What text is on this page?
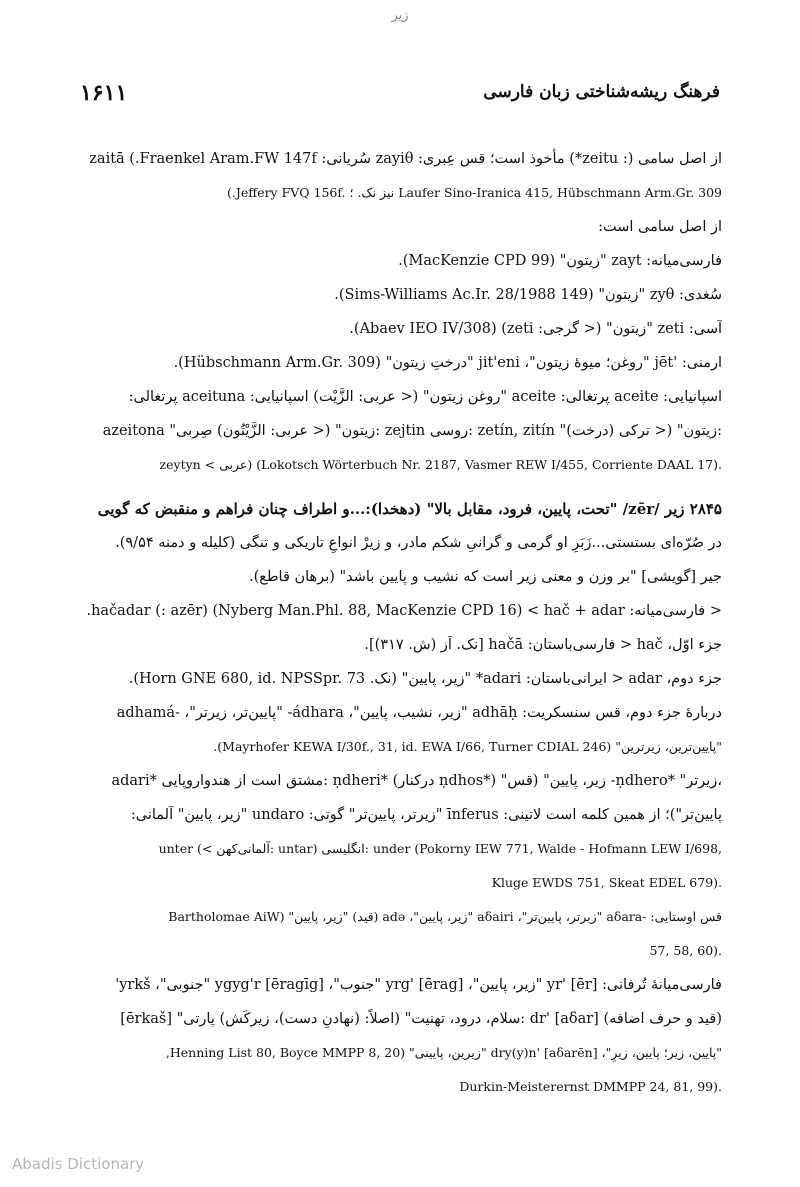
زیر
۱۶۱۱	فرهنگ ریشه‌شناختی زبان فارسی
از اصل سامی (: zeitu*) مأخوذ است؛ قس عِبری: zayiθ سُریانی: zaitā (.Fraenkel Aram.FW 147f
(.Jeffery FVQ 156f. نیز نک. ؛ Laufer Sino-Iranica 415, Hübschmann Arm.Gr. 309
از اصل سامی است:
فارسی‌میانه: zayt "زیتون" (MacKenzie CPD 99).
سُغدی: zyθ "زیتون" (Sims-Williams Ac.Ir. 28/1988 149).
آسی: zeti "زیتون" (< گرجی: zeti) (Abaev IEO IV/308).
ارمنی: 'jēt "روغن؛ میوهٔ زیتون"، jit'eni "درختِ زیتون" (Hübschmann Arm.Gr. 309).
اسپانیایی: aceite پرتغالی: aceite "روغن زیتون" (< عربی: الزَّیْت) اسپانیایی: aceituna پرتغالی:
azeitona "زیتون" (< عربی: الزَّیْتُون) صِربی: zejtin روسی: zetín, zitín "(درخت) زیتون" (< ترکی:
zeytyn < عربی) (Lokotsch Wörterbuch Nr. 2187, Vasmer REW I/455, Corriente DAAL 17).
۲۸۴۵ زیر /zēr/ "تحت، پایین، فرود، مقابل بالا" (دهخدا):...و اطراف چنان فراهم و منقبض که گویی
در صُرّه‌ای بستستی...زَبَرِ او گرمی و گرانیِ شکم مادر، و زیرْ انواعِ تاریکی و تنگی (کلیله و دمنه ۹/۵۴).
جیر [گویشی] "بر وزن و معنی زیر است که نشیب و پایین باشد" (برهان قاطع).
< فارسی‌میانه: hačadar (: azēr) (Nyberg Man.Phl. 88, MacKenzie CPD 16) < hač + adar.
جزء اوّل، hač < فارسی‌باستان: hačā [نک. اَز (ش. ۳۱۷)].
جزء دوم، adar < ایرانی‌باستان: adari* "زیر، پایین" (نک. Horn GNE 680, id. NPSSpr. 73).
دربارهٔ جزء دوم، قس سنسکریت: adhāḥ "زیر، نشیب، پایین"، ádhara- "پایین‌تر، زیرتر"، -adhamá
"پایین‌ترین، زیرترین" (Mayrhofer KEWA I/30f., 31, id. EWA I/66, Turner CDIAL 246).
adari* مشتق است از هندواروپایی: ṇdheri* (درکنار ṇdhos*) "زیر، پایین" (قس -ṇdhero* "زیرتر،
پایین‌تر")؛ از همین کلمه است لاتینی: īnferus "زیرتر، پایین‌تر" گوتی: undaro "زیر، پایین" آلمانی:
unter (< آلمانی‌کهن: untar) انگلیسی: under (Pokorny IEW 771, Walde - Hofmann LEW I/698,
Kluge EWDS 751, Skeat EDEL 679).
قس اوستایی: -aδara "زیرتر، پایین‌تر"، aδairi "زیر، پایین"، adə (قید) "زیر، پایین" (Bartholomae AiW
57, 58, 60).
فارسی‌میانهٔ تُرفانی: yr' [ēr] "زیر، پایین"، yrg' [ērag] "جنوب"، ygyg'r [ēragīg] "جنوبی"، yrkš'
[ērkaš] "سلام، درود، تهنیت" (اصلاً: (نهادنِ دست)، زیرکَش) پارتی: dr' [aδar] (قید و حرف اضافه)
"پایین، زیر؛ پایین، زیرِ"، dry(y)n' [aδarēn] "زیرین، پایینی" (Henning List 80, Boyce MMPP 8, 20,
Durkin-Meisterernst DMMPP 24, 81, 99).
Abadis Dictionary
